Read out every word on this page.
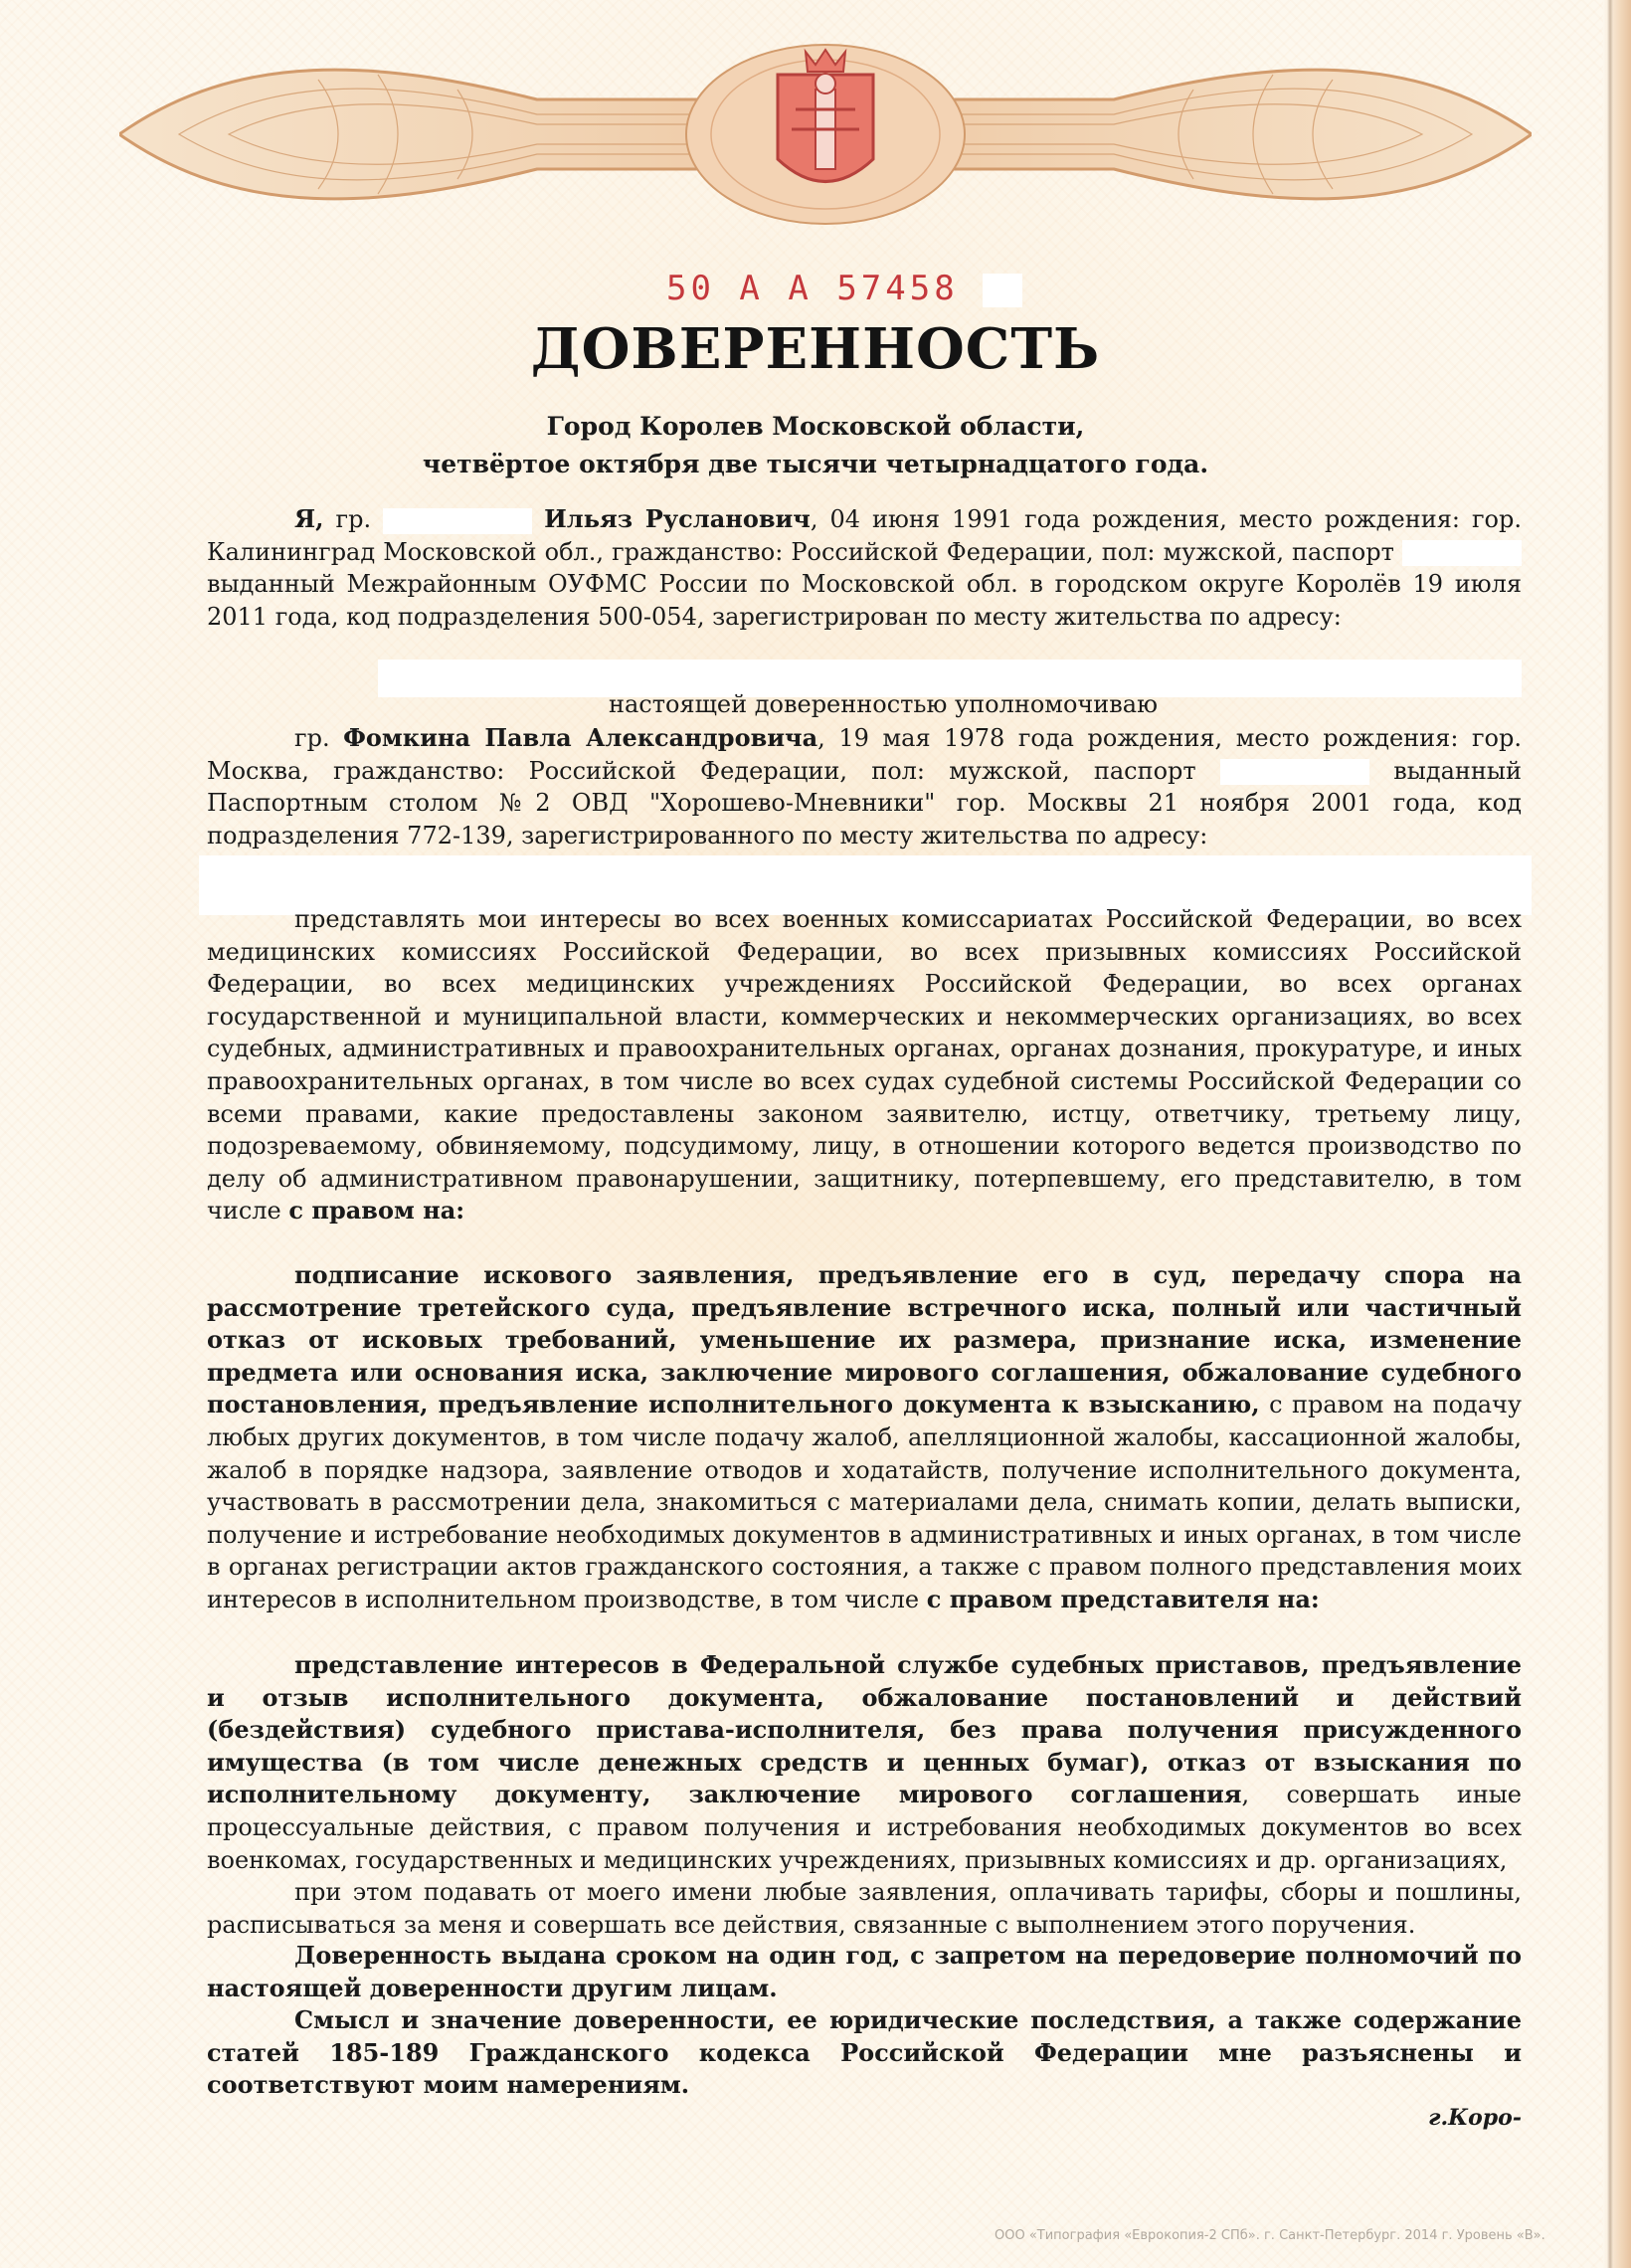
50 А А 57458
ДОВЕРЕННОСТЬ
Город Королев Московской области,
четвёртое октября две тысячи четырнадцатого года.
Я, гр.	Ильяз Русланович, 04 июня 1991 года рождения, место рождения: гор. Калининград Московской обл., гражданство: Российской Федерации, пол: мужской, паспорт  выданный Межрайонным ОУФМС России по Московской обл. в городском округе Королёв 19 июля 2011 года, код подразделения 500-054, зарегистрирован по месту жительства по адресу:
настоящей доверенностью уполномочиваю
гр. Фомкина Павла Александровича, 19 мая 1978 года рождения, место рождения: гор. Москва, гражданство: Российской Федерации, пол: мужской, паспорт	выданный Паспортным столом №2 ОВД "Хорошево-Мневники" гор. Москвы 21 ноября 2001 года, код подразделения 772-139, зарегистрированного по месту жительства по адресу:
представлять мои интересы во всех военных комиссариатах Российской Федерации, во всех медицинских комиссиях Российской Федерации, во всех призывных комиссиях Российской Федерации, во всех медицинских учреждениях Российской Федерации, во всех органах государственной и муниципальной власти, коммерческих и некоммерческих организациях, во всех судебных, административных и правоохранительных органах, органах дознания, прокуратуре, и иных правоохранительных органах, в том числе во всех судах судебной системы Российской Федерации со всеми правами, какие предоставлены законом заявителю, истцу, ответчику, третьему лицу, подозреваемому, обвиняемому, подсудимому, лицу, в отношении которого ведется производство по делу об административном правонарушении, защитнику, потерпевшему, его представителю, в том числе с правом на:
подписание искового заявления, предъявление его в суд, передачу спора на рассмотрение третейского суда, предъявление встречного иска, полный или частичный отказ от исковых требований, уменьшение их размера, признание иска, изменение предмета или основания иска, заключение мирового соглашения, обжалование судебного постановления, предъявление исполнительного документа к взысканию, с правом на подачу любых других документов, в том числе подачу жалоб, апелляционной жалобы, кассационной жалобы, жалоб в порядке надзора, заявление отводов и ходатайств, получение исполнительного документа, участвовать в рассмотрении дела, знакомиться с материалами дела, снимать копии, делать выписки, получение и истребование необходимых документов в административных и иных органах, в том числе в органах регистрации актов гражданского состояния, а также с правом полного представления моих интересов в исполнительном производстве, в том числе с правом представителя на:
представление интересов в Федеральной службе судебных приставов, предъявление и отзыв исполнительного документа, обжалование постановлений и действий (бездействия) судебного пристава-исполнителя, без права получения присужденного имущества (в том числе денежных средств и ценных бумаг), отказ от взыскания по исполнительному документу, заключение мирового соглашения, совершать иные процессуальные действия, с правом получения и истребования необходимых документов во всех военкомах, государственных и медицинских учреждениях, призывных комиссиях и др. организациях,
при этом подавать от моего имени любые заявления, оплачивать тарифы, сборы и пошлины, расписываться за меня и совершать все действия, связанные с выполнением этого поручения.
Доверенность выдана сроком на один год, с запретом на передоверие полномочий по настоящей доверенности другим лицам.
Смысл и значение доверенности, ее юридические последствия, а также содержание статей 185-189 Гражданского кодекса Российской Федерации мне разъяснены и соответствуют моим намерениям.
г.Коро-
ООО «Типография «Еврокопия-2 СПб». г. Санкт-Петербург. 2014 г. Уровень «В».
